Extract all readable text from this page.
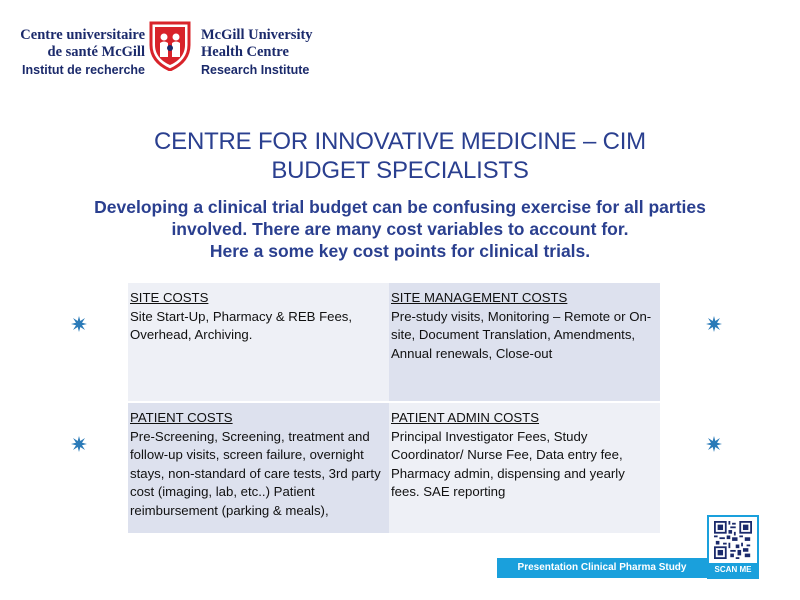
Centre universitaire
de santé McGill
Institut de recherche
McGill University
Health Centre
Research Institute
CENTRE FOR INNOVATIVE MEDICINE – CIM
BUDGET SPECIALISTS
Developing a clinical trial budget can be confusing exercise for all parties
involved. There are many cost variables to account for.
Here a some key cost points for clinical trials.
SITE COSTS
Site Start-Up, Pharmacy & REB Fees, Overhead, Archiving.
SITE MANAGEMENT COSTS
Pre-study visits, Monitoring – Remote or On-site, Document Translation, Amendments, Annual renewals, Close-out
PATIENT COSTS
Pre-Screening, Screening, treatment and follow-up visits, screen failure, overnight stays, non-standard of care tests, 3rd party cost (imaging, lab, etc..) Patient reimbursement (parking & meals),
PATIENT ADMIN COSTS
Principal Investigator Fees, Study Coordinator/ Nurse Fee, Data entry fee, Pharmacy admin, dispensing and yearly fees. SAE reporting
Presentation Clinical Pharma Study Budgets
SCAN ME
